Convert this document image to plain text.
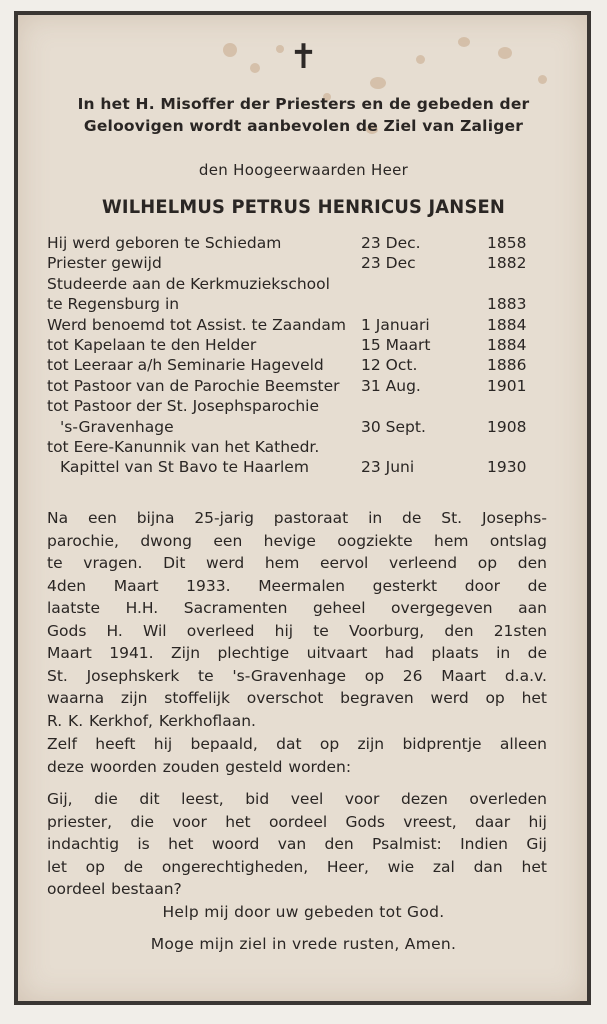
✝
In het H. Misoffer der Priesters en de gebeden der
Geloovigen wordt aanbevolen de Ziel van Zaliger
den Hoogeerwaarden Heer
WILHELMUS PETRUS HENRICUS JANSEN
Hij werd geboren te Schiedam	23 Dec.	1858
Priester gewijd	23 Dec	1882
Studeerde aan de Kerkmuziekschool
te Regensburg in	1883
Werd benoemd tot Assist. te Zaandam 1 Januari	1884
tot Kapelaan te den Helder	15 Maart	1884
tot Leeraar a/h Seminarie Hageveld 12 Oct.	1886
tot Pastoor van de Parochie Beemster 31 Aug.	1901
tot Pastoor der St. Josephsparochie
's-Gravenhage	30 Sept.	1908
tot Eere-Kanunnik van het Kathedr.
Kapittel van St Bavo te Haarlem	23 Juni	1930
Na een bijna 25-jarig pastoraat in de St. Josephs-
parochie, dwong een hevige oogziekte hem ontslag
te vragen. Dit werd hem eervol verleend op den
4den Maart 1933. Meermalen gesterkt door de
laatste H.H. Sacramenten geheel overgegeven aan
Gods H. Wil overleed hij te Voorburg, den 21sten
Maart 1941. Zijn plechtige uitvaart had plaats in de
St. Josephskerk te 's-Gravenhage op 26 Maart d.a.v.
waarna zijn stoffelijk overschot begraven werd op het
R. K. Kerkhof, Kerkhoflaan.
Zelf heeft hij bepaald, dat op zijn bidprentje alleen
deze woorden zouden gesteld worden:
Gij, die dit leest, bid veel voor dezen overleden
priester, die voor het oordeel Gods vreest, daar hij
indachtig is het woord van den Psalmist: Indien Gij
let op de ongerechtigheden, Heer, wie zal dan het
oordeel bestaan?
Help mij door uw gebeden tot God.
Moge mijn ziel in vrede rusten, Amen.
